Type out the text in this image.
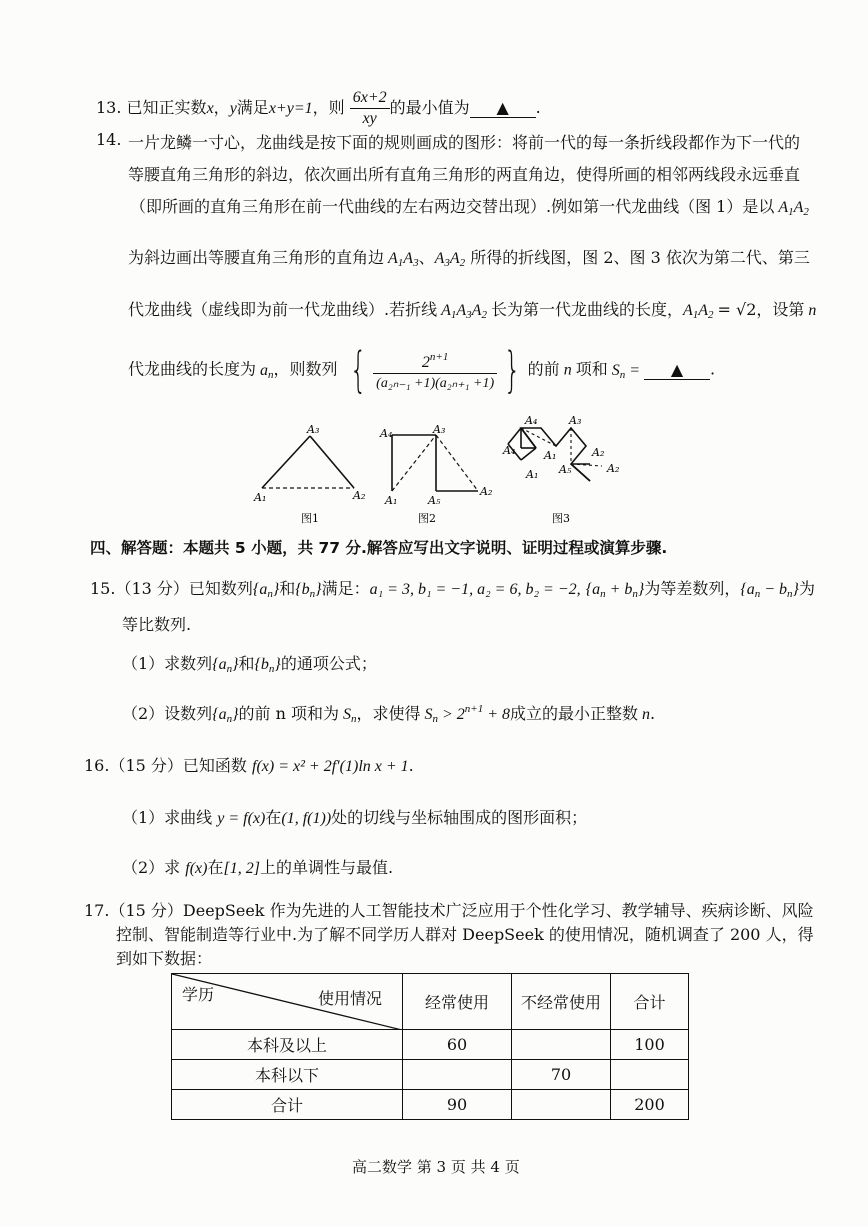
13. 已知正实数x，y满足x+y=1，则 $\frac{6x+2}{xy}$ 的最小值为 ▲ .
14. 一片龙鳞一寸心，龙曲线是按下面的规则画成的图形：将前一代的每一条折线段都作为下一代的
等腰直角三角形的斜边，依次画出所有直角三角形的两直角边，使得所画的相邻两线段永远垂直
（即所画的直角三角形在前一代曲线的左右两边交替出现）.例如第一代龙曲线（图 1）是以 $A_1A_2$
为斜边画出等腰直角三角形的直角边 $A_1A_3$、$A_3A_2$ 所得的折线图，图 2、图 3 依次为第二代、第三
代龙曲线（虚线即为前一代龙曲线）.若折线 $A_1A_3A_2$ 长为第一代龙曲线的长度，$A_1A_2 = √2$，设第 n
代龙曲线的长度为 $a_n$，则数列 { $\frac{2^{n+1}}{\text{(a₂ₙ₋₁ +1)(a₂ₙ₊₁ +1)}}$ } 的前 n 项和 $S_n$ = ▲ .
A₁
A₃
A₂
图1
A₄	A₃
A₁	A₅
A₂
图2
A₄	A₃
A₄	A₁
A₁ A₅	A₂
A₂
图3
四、解答题：本题共 5 小题，共 77 分.解答应写出文字说明、证明过程或演算步骤.
15.（13 分）已知数列$\{a_n\}$和$\{b_n\}$满足：a₁ = 3, b₁ = −1, a₂ = 6, b₂ = −2, $\{a_n + b_n\}$为等差数列，$\{a_n - b_n\}$为
等比数列.
（1）求数列$\{a_n\}$和$\{b_n\}$的通项公式；
（2）设数列$\{a_n\}$的前 n 项和为 $S_n$，求使得 $S_n > 2^{n+1} + 8$成立的最小正整数 n.
16.（15 分）已知函数 f(x) = x² + 2f′(1)ln x + 1.
（1）求曲线 y = f(x)在(1, f(1))处的切线与坐标轴围成的图形面积；
（2）求 f(x)在[1, 2]上的单调性与最值.
17.（15 分）DeepSeek 作为先进的人工智能技术广泛应用于个性化学习、教学辅导、疾病诊断、风险
控制、智能制造等行业中.为了解不同学历人群对 DeepSeek 的使用情况，随机调查了 200 人，得
到如下数据：
学历 使用情况	经常使用	不经常使用	合计
本科及以上	60		100
本科以下		70	
合计	90		200
高二数学 第 3 页 共 4 页
